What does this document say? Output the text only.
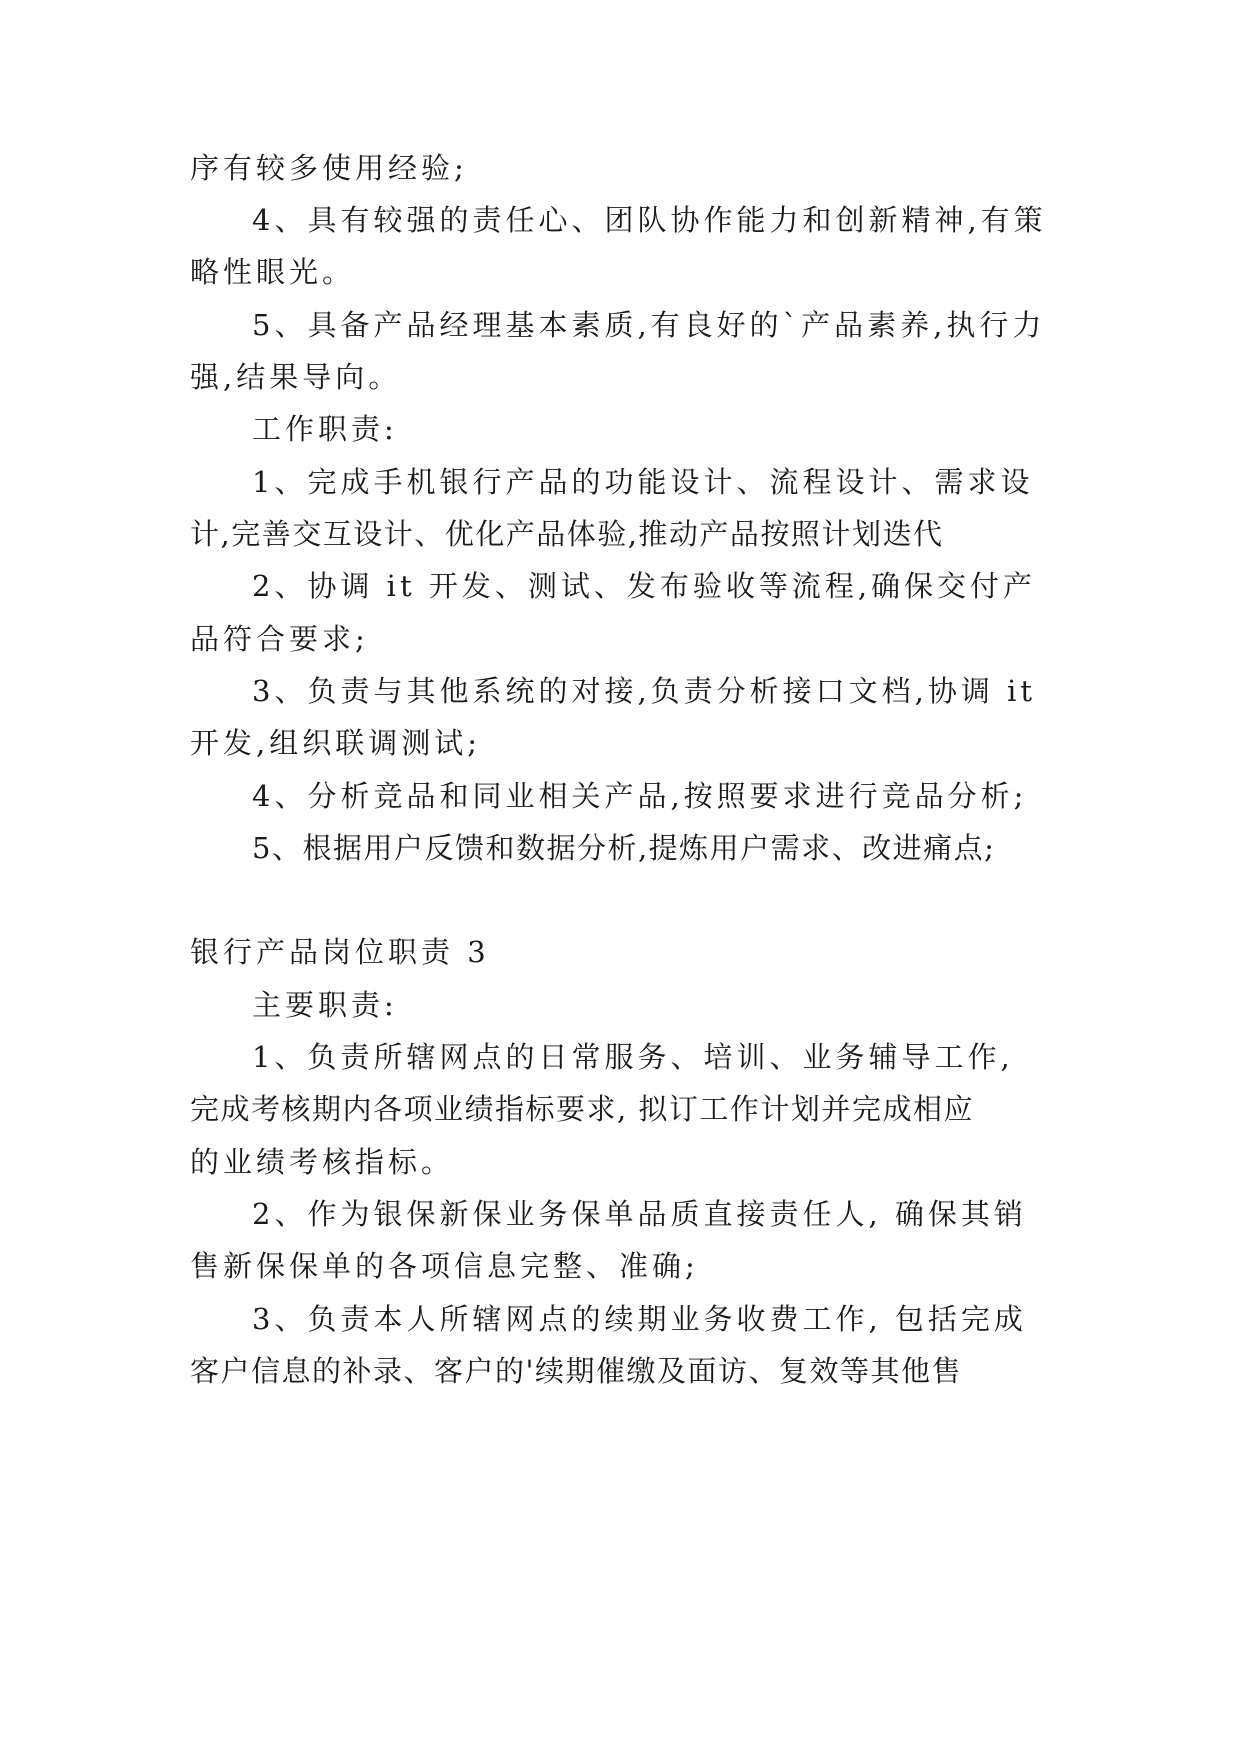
序有较多使用经验;
4、具有较强的责任心、团队协作能力和创新精神,有策
略性眼光。
5、具备产品经理基本素质,有良好的`产品素养,执行力
强,结果导向。
工作职责:
1、完成手机银行产品的功能设计、流程设计、需求设
计,完善交互设计、优化产品体验,推动产品按照计划迭代
2、协调 it 开发、测试、发布验收等流程,确保交付产
品符合要求;
3、负责与其他系统的对接,负责分析接口文档,协调 it
开发,组织联调测试;
4、分析竞品和同业相关产品,按照要求进行竞品分析;
5、根据用户反馈和数据分析,提炼用户需求、改进痛点;
银行产品岗位职责 3
主要职责:
1、负责所辖网点的日常服务、培训、业务辅导工作,
完成考核期内各项业绩指标要求, 拟订工作计划并完成相应
的业绩考核指标。
2、作为银保新保业务保单品质直接责任人, 确保其销
售新保保单的各项信息完整、准确;
3、负责本人所辖网点的续期业务收费工作, 包括完成
客户信息的补录、客户的'续期催缴及面访、复效等其他售
